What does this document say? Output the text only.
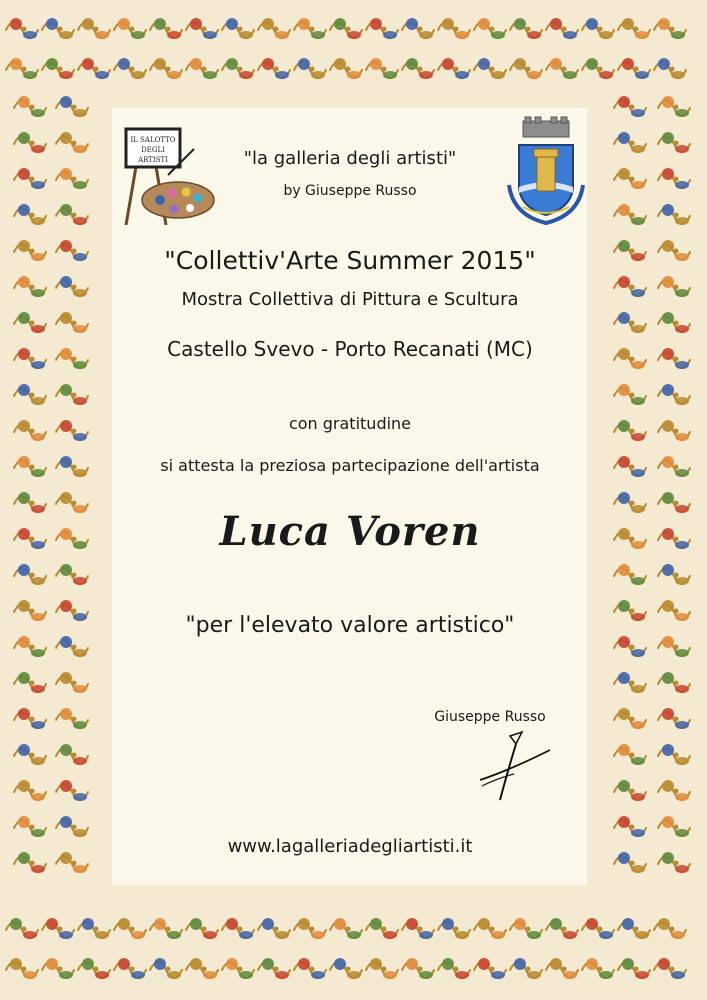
IL SALOTTO
DEGLI
ARTISTI	"la galleria degli artisti"
by Giuseppe Russo
"Collettiv'Arte Summer 2015"
Mostra Collettiva di Pittura e Scultura
Castello Svevo - Porto Recanati (MC)
con gratitudine
si attesta la preziosa partecipazione dell'artista
Luca Voren
"per l'elevato valore artistico"
Giuseppe Russo
www.lagalleriadegliartisti.it
